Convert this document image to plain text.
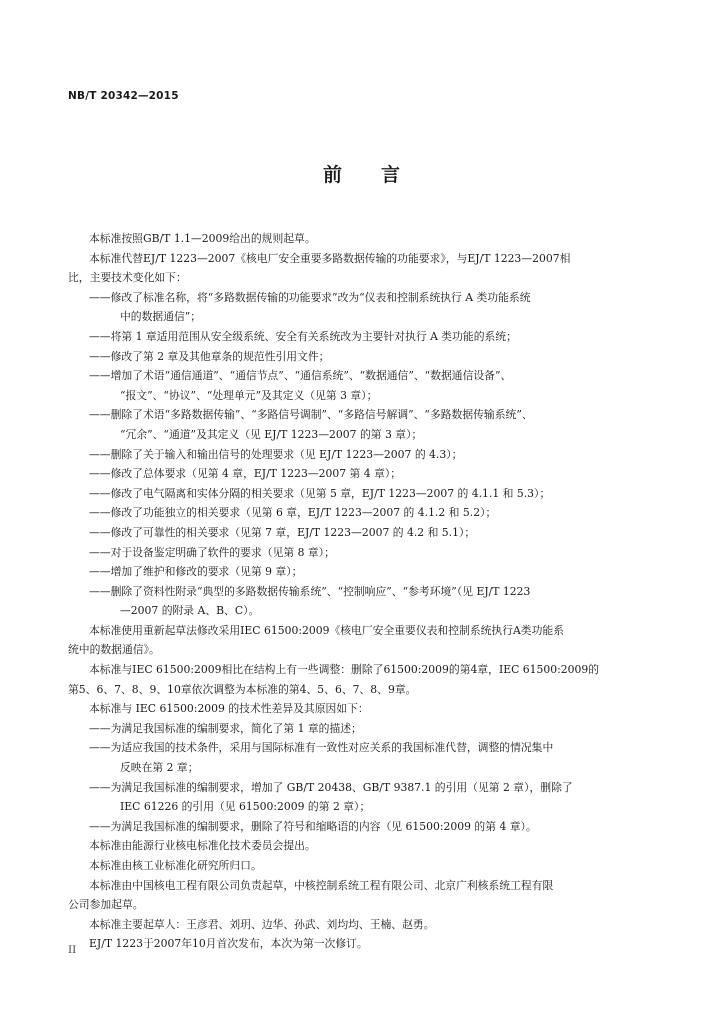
NB/T 20342—2015
前 言
本标准按照GB/T 1.1—2009给出的规则起草。
本标准代替EJ/T 1223—2007《核电厂安全重要多路数据传输的功能要求》，与EJ/T 1223—2007相
比，主要技术变化如下：
——修改了标准名称，将“多路数据传输的功能要求”改为“仪表和控制系统执行 A 类功能系统
中的数据通信”；
——将第 1 章适用范围从安全级系统、安全有关系统改为主要针对执行 A 类功能的系统；
——修改了第 2 章及其他章条的规范性引用文件；
——增加了术语“通信通道”、“通信节点”、“通信系统”、“数据通信”、“数据通信设备”、
“报文”、“协议”、“处理单元”及其定义（见第 3 章）；
——删除了术语“多路数据传输”、“多路信号调制”、“多路信号解调”、“多路数据传输系统”、
“冗余”、“通道”及其定义（见 EJ/T 1223—2007 的第 3 章）；
——删除了关于输入和输出信号的处理要求（见 EJ/T 1223—2007 的 4.3）；
——修改了总体要求（见第 4 章，EJ/T 1223—2007 第 4 章）；
——修改了电气隔离和实体分隔的相关要求（见第 5 章，EJ/T 1223—2007 的 4.1.1 和 5.3）；
——修改了功能独立的相关要求（见第 6 章，EJ/T 1223—2007 的 4.1.2 和 5.2）；
——修改了可靠性的相关要求（见第 7 章，EJ/T 1223—2007 的 4.2 和 5.1）；
——对于设备鉴定明确了软件的要求（见第 8 章）；
——增加了维护和修改的要求（见第 9 章）；
——删除了资料性附录“典型的多路数据传输系统”、“控制响应”、“参考环境”（见 EJ/T 1223
—2007 的附录 A、B、C）。
本标准使用重新起草法修改采用IEC 61500:2009《核电厂安全重要仪表和控制系统执行A类功能系
统中的数据通信》。
本标准与IEC 61500:2009相比在结构上有一些调整：删除了61500:2009的第4章，IEC 61500:2009的
第5、6、7、8、9、10章依次调整为本标准的第4、5、6、7、8、9章。
本标准与 IEC 61500:2009 的技术性差异及其原因如下：
——为满足我国标准的编制要求，简化了第 1 章的描述；
——为适应我国的技术条件，采用与国际标准有一致性对应关系的我国标准代替，调整的情况集中
反映在第 2 章；
——为满足我国标准的编制要求，增加了 GB/T 20438、GB/T 9387.1 的引用（见第 2 章），删除了
IEC 61226 的引用（见 61500:2009 的第 2 章）；
——为满足我国标准的编制要求，删除了符号和缩略语的内容（见 61500:2009 的第 4 章）。
本标准由能源行业核电标准化技术委员会提出。
本标准由核工业标准化研究所归口。
本标准由中国核电工程有限公司负责起草，中核控制系统工程有限公司、北京广利核系统工程有限
公司参加起草。
本标准主要起草人：王彦君、刘玥、边华、孙武、刘均均、王楠、赵勇。
EJ/T 1223于2007年10月首次发布，本次为第一次修订。
II
